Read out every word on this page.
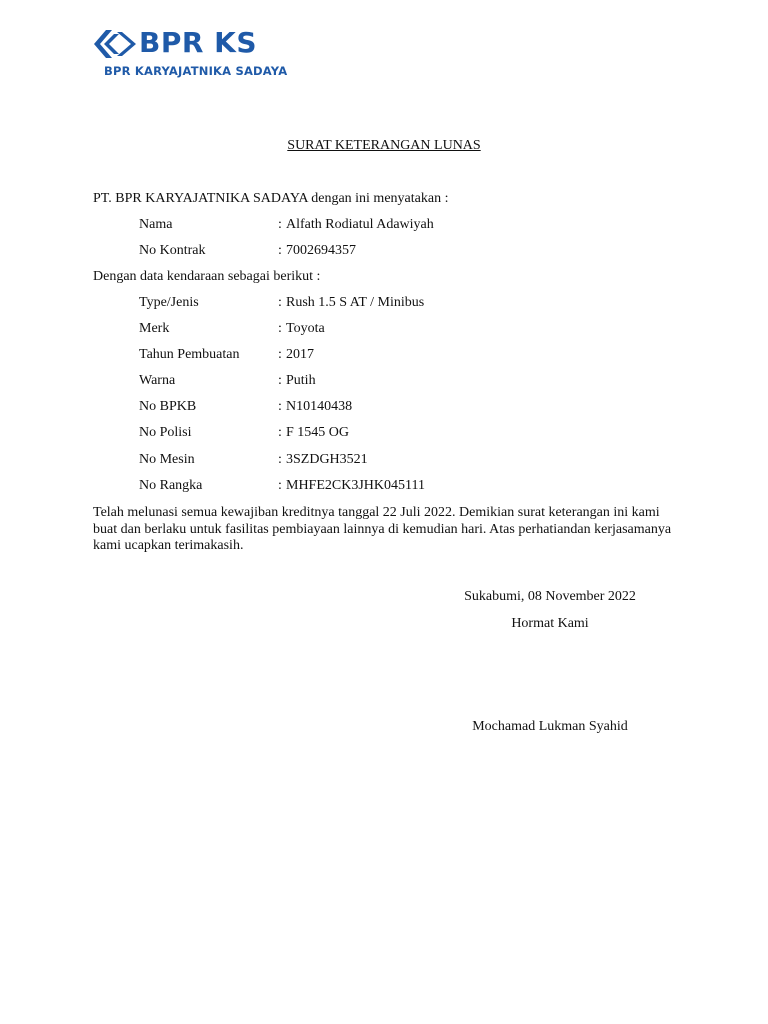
BPR KS
BPR KARYAJATNIKA SADAYA
SURAT KETERANGAN LUNAS
PT. BPR KARYAJATNIKA SADAYA dengan ini menyatakan :
Nama	: Alfath Rodiatul Adawiyah
No Kontrak	: 7002694357
Dengan data kendaraan sebagai berikut :
Type/Jenis	: Rush 1.5 S AT / Minibus
Merk	: Toyota
Tahun Pembuatan	: 2017
Warna	: Putih
No BPKB	: N10140438
No Polisi	: F 1545 OG
No Mesin	: 3SZDGH3521
No Rangka	: MHFE2CK3JHK045111
Telah melunasi semua kewajiban kreditnya tanggal 22 Juli 2022. Demikian surat keterangan ini kami buat dan berlaku untuk fasilitas pembiayaan lainnya di kemudian hari. Atas perhatiandan kerjasamanya kami ucapkan terimakasih.
Sukabumi, 08 November 2022
Hormat Kami
Mochamad Lukman Syahid
